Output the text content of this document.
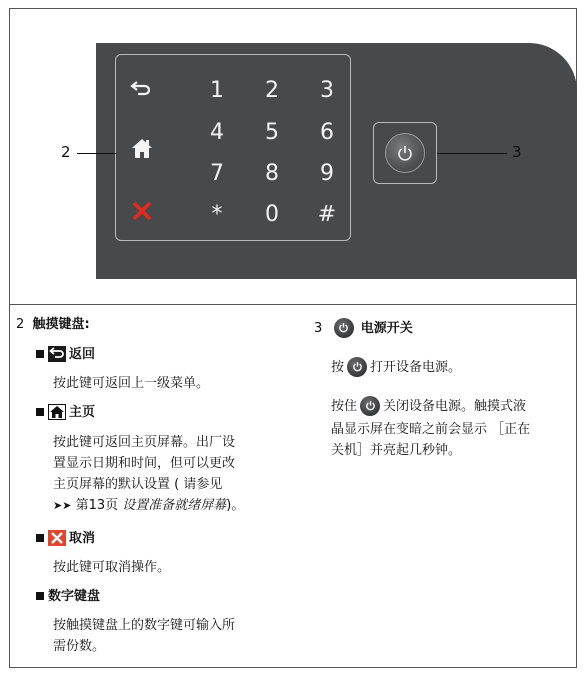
1	2	3
4	5	6
7	8	9
*	0	#
2	3
2 触摸键盘:
返回
按此键可返回上一级菜单。
主页
按此键可返回主页屏幕。出厂设
置显示日期和时间，但可以更改
主页屏幕的默认设置 ( 请参见
➤➤ 第13页 设置准备就绪屏幕)。
取消
按此键可取消操作。
数字键盘
按触摸键盘上的数字键可输入所
需份数。
3	电源开关
按 打开设备电源。
按住 关闭设备电源。触摸式液
晶显示屏在变暗之前会显示 ［正在
关机］并亮起几秒钟。
